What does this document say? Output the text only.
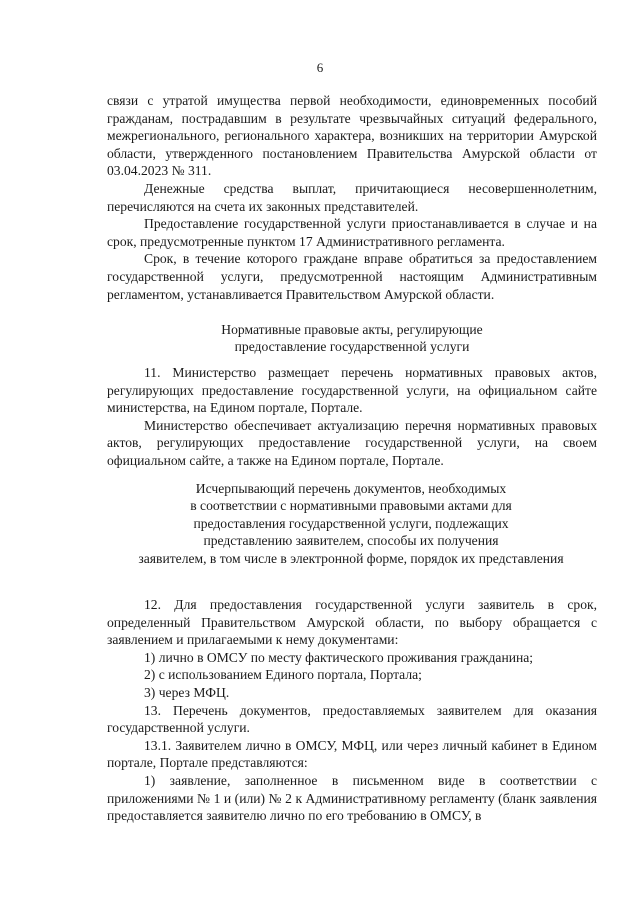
6

связи с утратой имущества первой необходимости, единовременных пособий гражданам, пострадавшим в результате чрезвычайных ситуаций федерального, межрегионального, регионального характера, возникших на территории Амурской области, утвержденного постановлением Правительства Амурской области от 03.04.2023 № 311.

Денежные средства выплат, причитающиеся несовершеннолетним, перечисляются на счета их законных представителей.

Предоставление государственной услуги приостанавливается в случае и на срок, предусмотренные пунктом 17 Административного регламента.

Срок, в течение которого граждане вправе обратиться за предоставлением государственной услуги, предусмотренной настоящим Административным регламентом, устанавливается Правительством Амурской области.

Нормативные правовые акты, регулирующие

предоставление государственной услуги

11. Министерство размещает перечень нормативных правовых актов, регулирующих предоставление государственной услуги, на официальном сайте министерства, на Едином портале, Портале.

Министерство обеспечивает актуализацию перечня нормативных правовых актов, регулирующих предоставление государственной услуги, на своем официальном сайте, а также на Едином портале, Портале.

Исчерпывающий перечень документов, необходимых

в соответствии с нормативными правовыми актами для

предоставления государственной услуги, подлежащих

представлению заявителем, способы их получения

заявителем, в том числе в электронной форме, порядок их представления

12. Для предоставления государственной услуги заявитель в срок, определенный Правительством Амурской области, по выбору обращается с заявлением и прилагаемыми к нему документами:

1) лично в ОМСУ по месту фактического проживания гражданина;

2) с использованием Единого портала, Портала;

3) через МФЦ.

13. Перечень документов, предоставляемых заявителем для оказания государственной услуги.

13.1. Заявителем лично в ОМСУ, МФЦ, или через личный кабинет в Едином портале, Портале представляются:

1) заявление, заполненное в письменном виде в соответствии с приложениями № 1 и (или) № 2 к Административному регламенту (бланк заявления предоставляется заявителю лично по его требованию в ОМСУ, в
